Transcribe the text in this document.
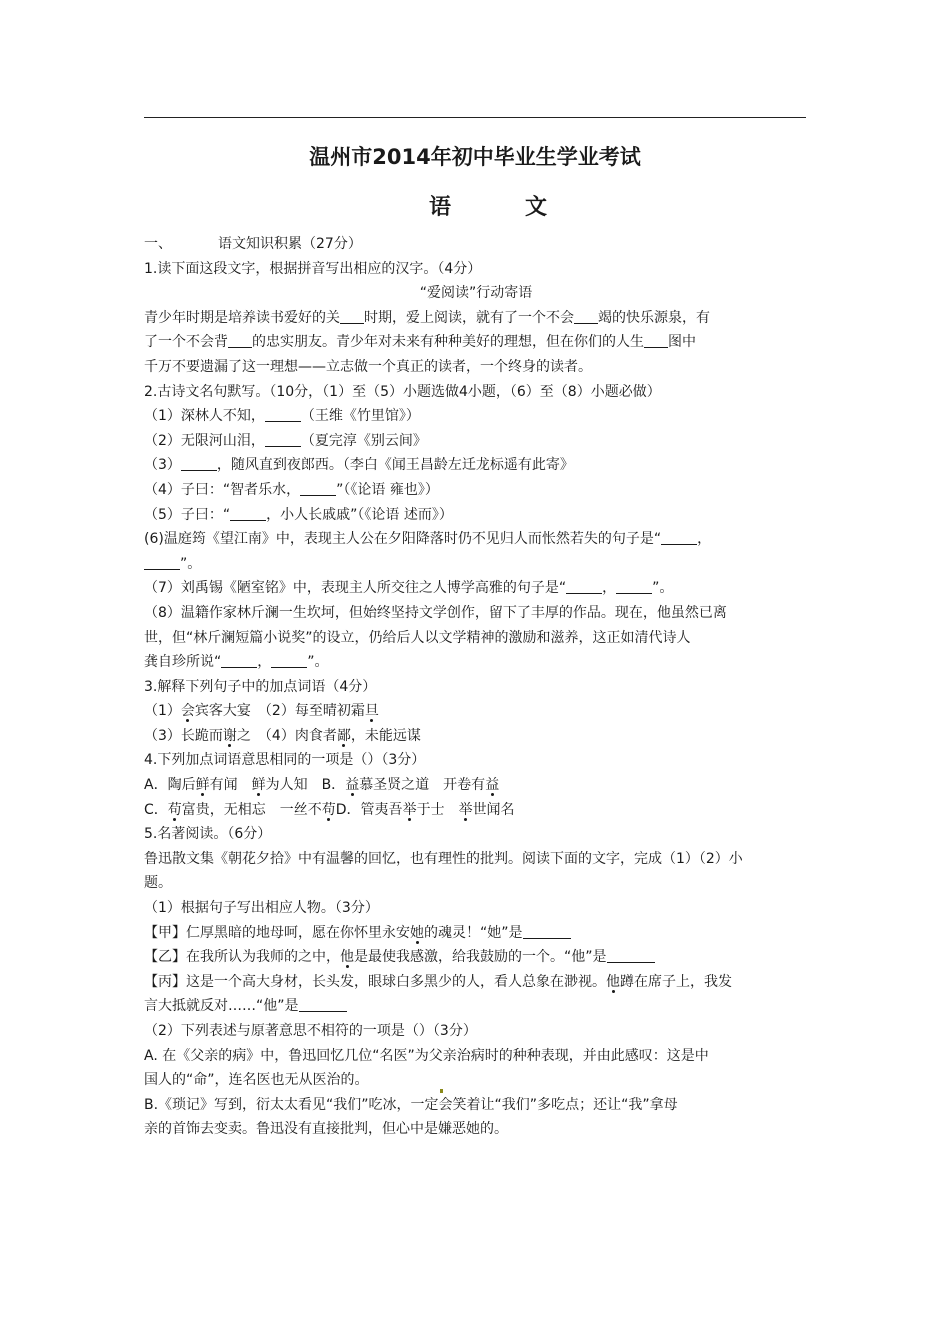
温州市2014年初中毕业生学业考试
语　文
一、	语文知识积累（27分）
1.读下面这段文字，根据拼音写出相应的汉字。（4分）
“爱阅读”行动寄语
青少年时期是培养读书爱好的关 时期，爱上阅读，就有了一个不会 竭的快乐源泉，有
了一个不会背 的忠实朋友。青少年对未来有种种美好的理想，但在你们的人生 图中
千万不要遗漏了这一理想——立志做一个真正的读者，一个终身的读者。
2.古诗文名句默写。（10分，（1）至（5）小题选做4小题，（6）至（8）小题必做）
（1）深林人不知，	（王维《竹里馆》）
（2）无限河山泪，	（夏完淳《别云间》
（3）	，随风直到夜郎西。（李白《闻王昌龄左迁龙标遥有此寄》
（4）子曰：“智者乐水，	”（《论语 雍也》）
（5）子曰：“	，小人长戚戚”（《论语 述而》）
(6)温庭筠《望江南》中，表现主人公在夕阳降落时仍不见归人而怅然若失的句子是“	，
”。
（7）刘禹锡《陋室铭》中，表现主人所交往之人博学高雅的句子是“	，	”。
（8）温籍作家林斤澜一生坎坷，但始终坚持文学创作，留下了丰厚的作品。现在，他虽然已离
世，但“林斤澜短篇小说奖”的设立，仍给后人以文学精神的激励和滋养，这正如清代诗人
龚自珍所说“	，	”。
3.解释下列句子中的加点词语（4分）
（1）会宾客大宴　（2）每至晴初霜旦
（3）长跪而谢之　（4）肉食者鄙，未能远谋
4.下列加点词语意思相同的一项是（）（3分）
A．陶后鲜有闻　鲜为人知　B．益慕圣贤之道　开卷有益
C．苟富贵，无相忘　一丝不苟D．管夷吾举于士　举世闻名
5.名著阅读。（6分）
鲁迅散文集《朝花夕拾》中有温馨的回忆，也有理性的批判。阅读下面的文字，完成（1）（2）小
题。
（1）根据句子写出相应人物。（3分）
【甲】仁厚黑暗的地母呵，愿在你怀里永安她的魂灵！“她”是
【乙】在我所认为我师的之中，他是最使我感激，给我鼓励的一个。“他”是
【丙】这是一个高大身材，长头发，眼球白多黑少的人，看人总象在渺视。他蹲在席子上，我发
言大抵就反对……“他”是
（2）下列表述与原著意思不相符的一项是（）（3分）
A. 在《父亲的病》中，鲁迅回忆几位“名医”为父亲治病时的种种表现，并由此感叹：这是中
国人的“命”，连名医也无从医治的。
B.《琐记》写到，衍太太看见“我们”吃冰，一定会笑着让“我们”多吃点；还让“我”拿母
亲的首饰去变卖。鲁迅没有直接批判，但心中是嫌恶她的。
